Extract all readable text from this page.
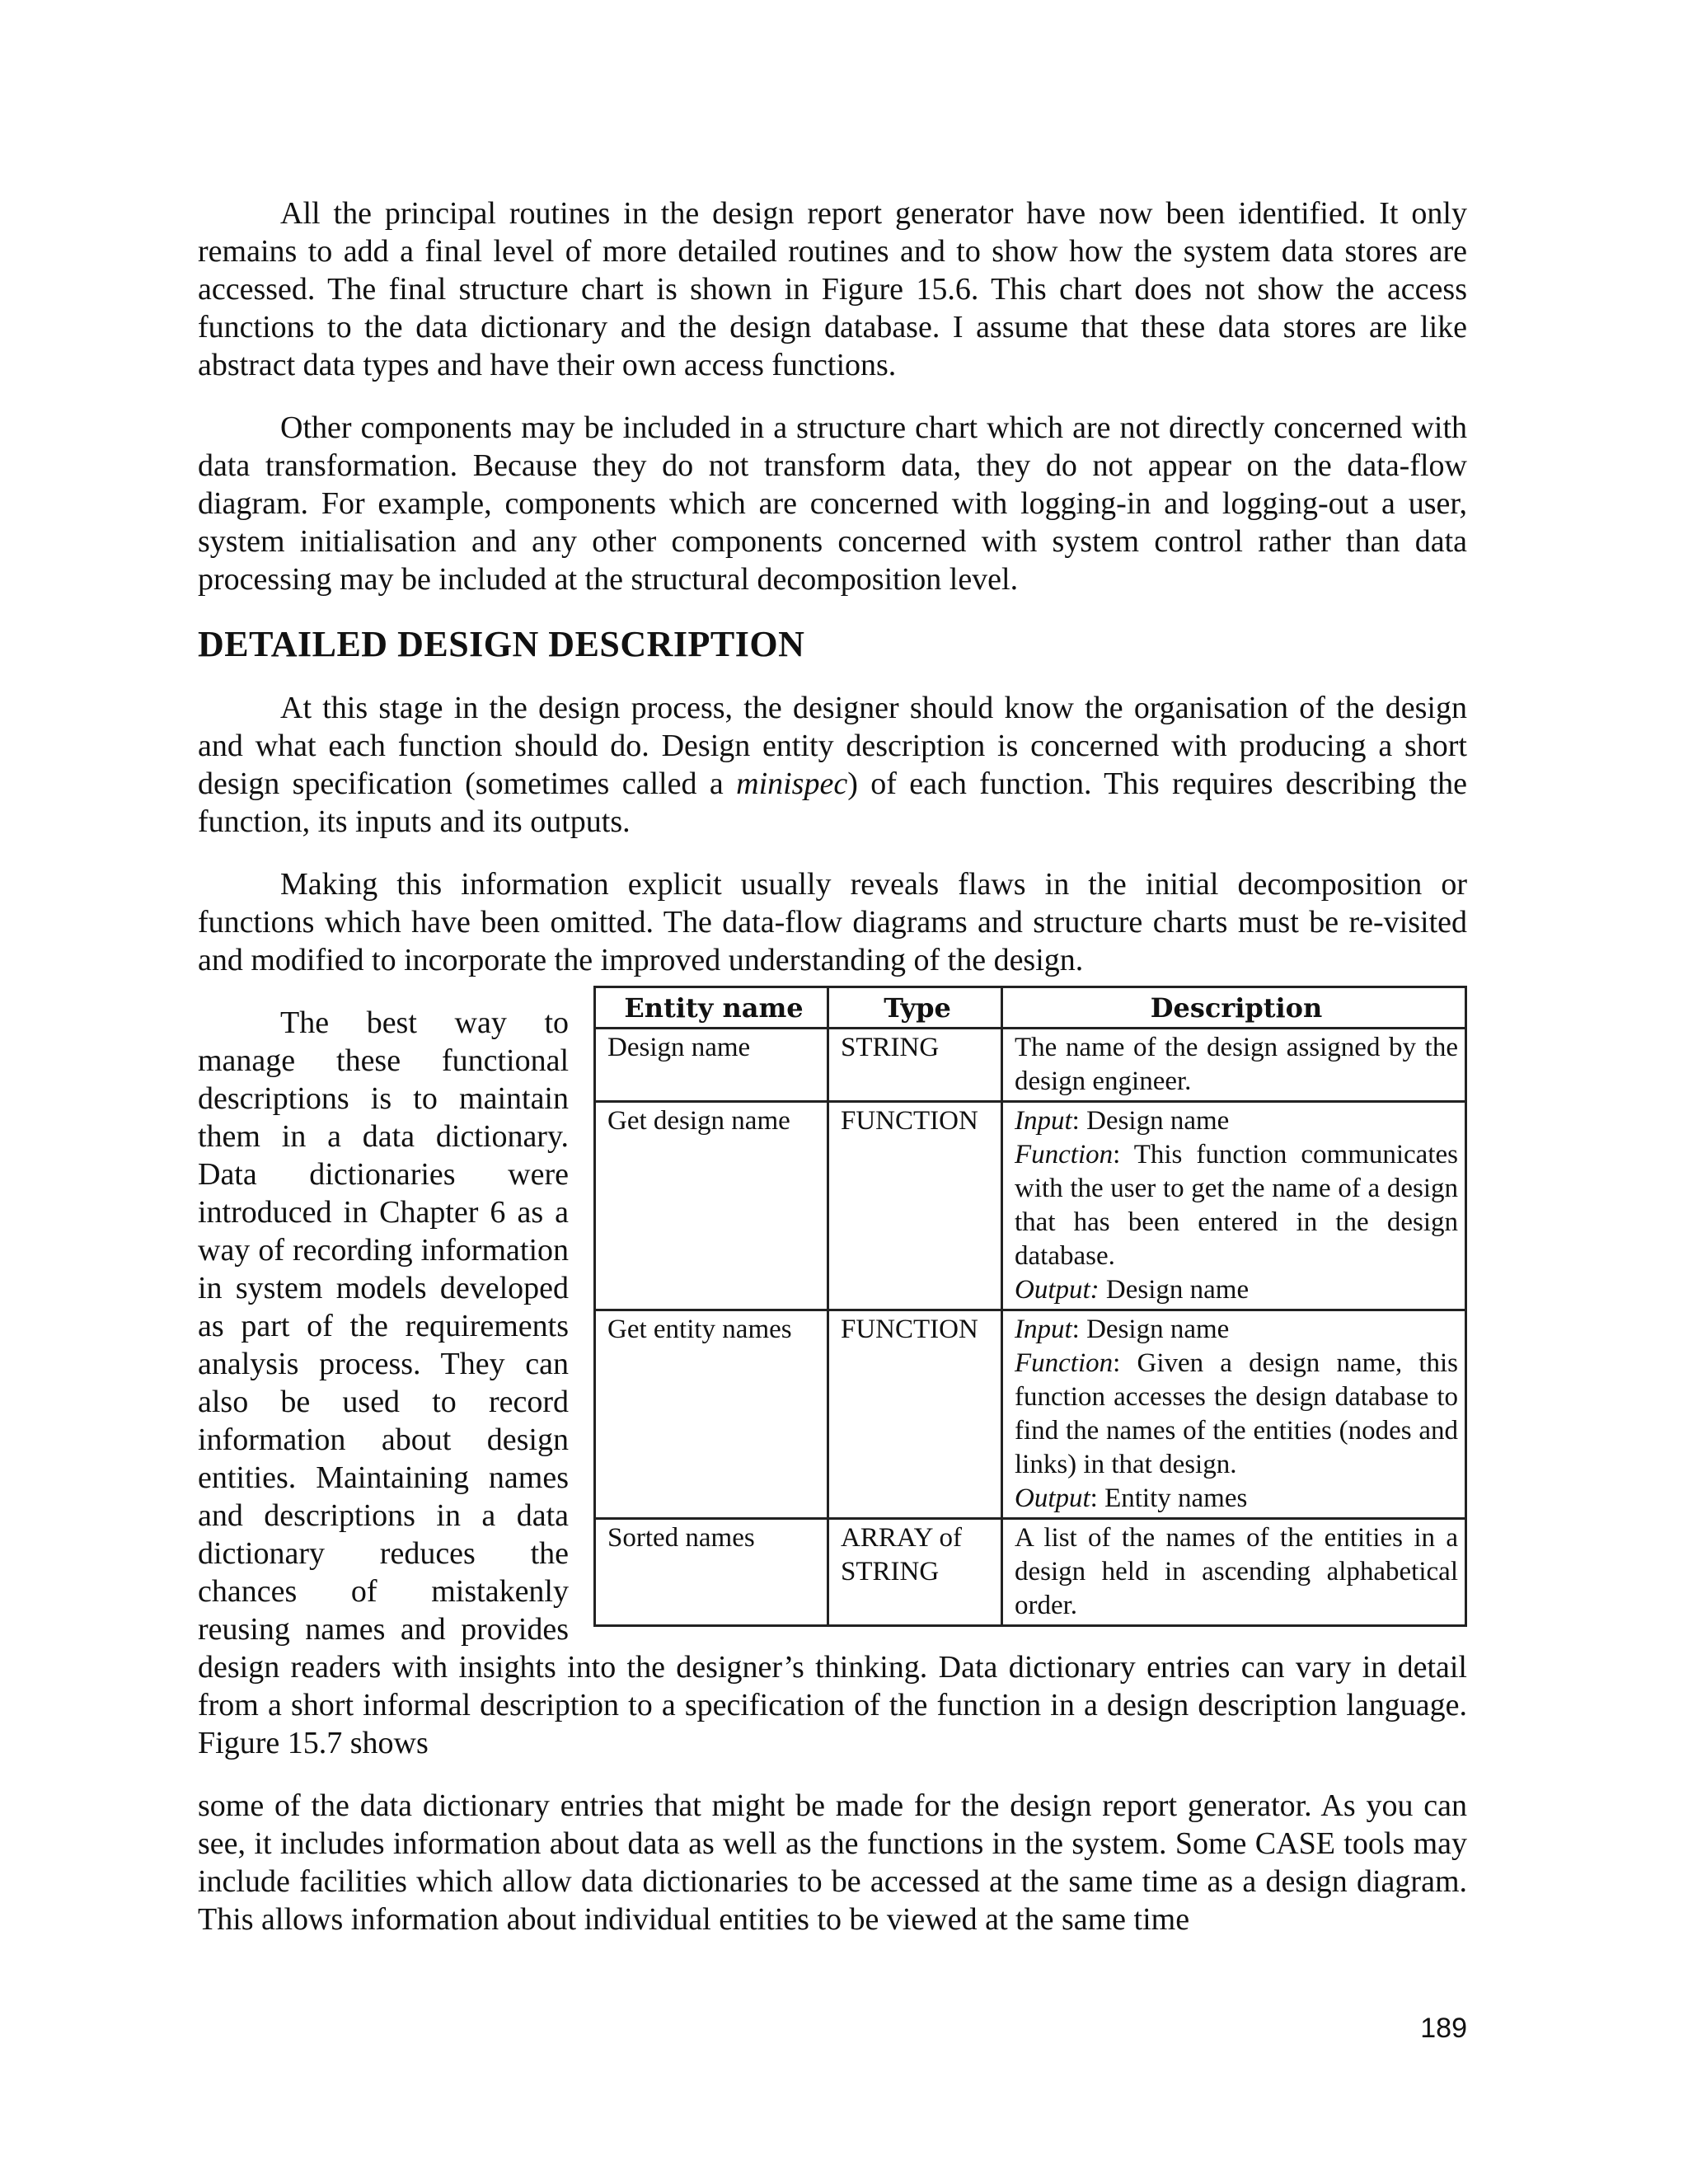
All the principal routines in the design report generator have now been identified. It only remains to add a final level of more detailed routines and to show how the system data stores are accessed. The final structure chart is shown in Figure 15.6. This chart does not show the access functions to the data dictionary and the design database. I assume that these data stores are like abstract data types and have their own access functions.

Other components may be included in a structure chart which are not directly concerned with data transformation. Because they do not transform data, they do not appear on the data-flow diagram. For example, components which are concerned with logging-in and logging-out a user, system initialisation and any other components concerned with system control rather than data processing may be included at the structural decomposition level.

DETAILED DESIGN DESCRIPTION

At this stage in the design process, the designer should know the organisation of the design and what each function should do. Design entity description is concerned with producing a short design specification (sometimes called a minispec) of each function. This requires describing the function, its inputs and its outputs.

Making this information explicit usually reveals flaws in the initial decomposition or functions which have been omitted. The data-flow diagrams and structure charts must be re-visited and modified to incorporate the improved understanding of the design.

Entity name	Type	Description
Design name	STRING	The name of the design assigned by the design engineer.
Get design name	FUNCTION	Input: Design name
Function: This function communicates with the user to get the name of a design that has been entered in the design database.
Output: Design name

Get entity names	FUNCTION	Input: Design name
Function: Given a design name, this function accesses the design database to find the names of the entities (nodes and links) in that design.
Output: Entity names

Sorted names	ARRAY of STRING	A list of the names of the entities in a design held in ascending alphabetical order.

The best way to manage these functional descriptions is to maintain them in a data dictionary. Data dictionaries were introduced in Chapter 6 as a way of recording information in system models developed as part of the requirements analysis process. They can also be used to record information about design entities. Maintaining names and descriptions in a data dictionary reduces the chances of mistakenly reusing names and provides design readers with insights into the designer’s thinking. Data dictionary entries can vary in detail from a short informal description to a specification of the function in a design description language. Figure 15.7 shows

some of the data dictionary entries that might be made for the design report generator. As you can see, it includes information about data as well as the functions in the system. Some CASE tools may include facilities which allow data dictionaries to be accessed at the same time as a design diagram. This allows information about individual entities to be viewed at the same time

189
